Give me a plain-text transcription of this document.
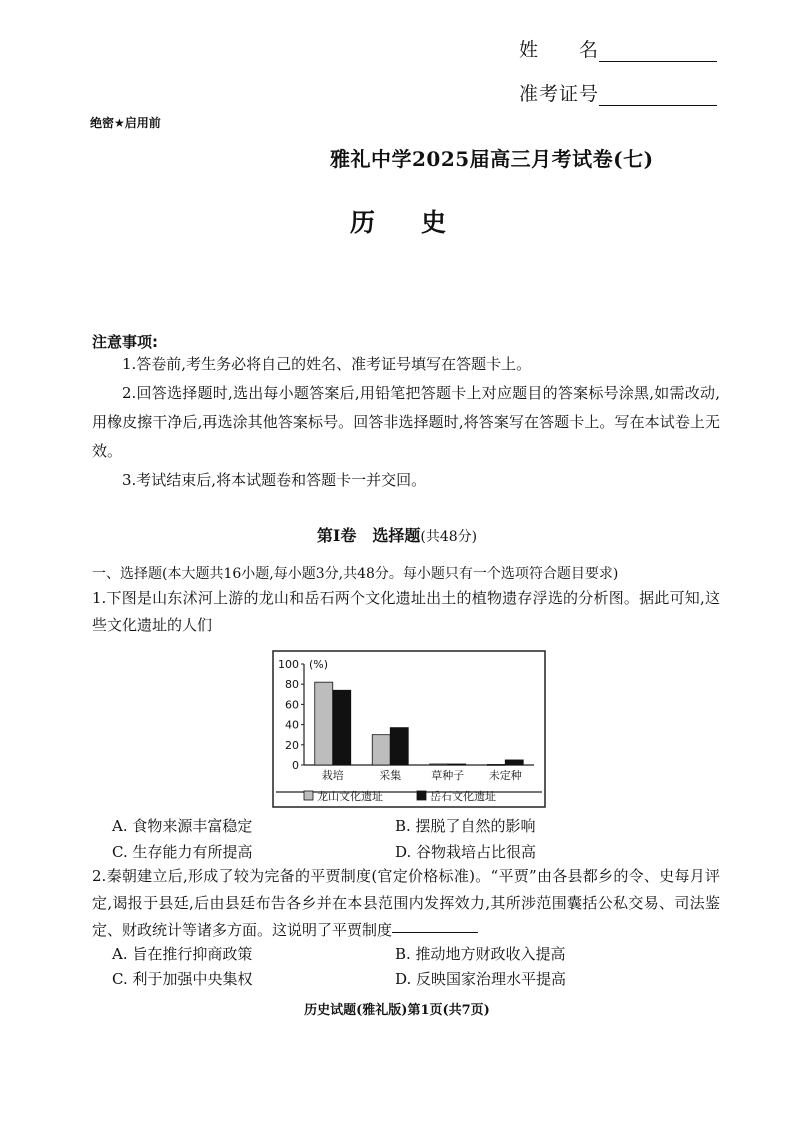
姓　　名
准考证号
绝密★启用前
雅礼中学2025届高三月考试卷(七)
历史
注意事项:
1.答卷前,考生务必将自己的姓名、准考证号填写在答题卡上。
2.回答选择题时,选出每小题答案后,用铅笔把答题卡上对应题目的答案标号涂黑,如需改动,用橡皮擦干净后,再选涂其他答案标号。回答非选择题时,将答案写在答题卡上。写在本试卷上无效。
3.考试结束后,将本试题卷和答题卡一并交回。
第Ⅰ卷　选择题(共48分)
一、选择题(本大题共16小题,每小题3分,共48分。每小题只有一个选项符合题目要求)
1.下图是山东沭河上游的龙山和岳石两个文化遗址出土的植物遗存浮选的分析图。据此可知,这些文化遗址的人们
0
20
40
60
80
100 (%)
栽培	采集	草种子 未定种
龙山文化遗址	岳石文化遗址
A. 食物来源丰富稳定	B. 摆脱了自然的影响
C. 生存能力有所提高	D. 谷物栽培占比很高
2.秦朝建立后,形成了较为完备的平贾制度(官定价格标准)。“平贾”由各县都乡的令、史每月评定,谒报于县廷,后由县廷布告各乡并在本县范围内发挥效力,其所涉范围囊括公私交易、司法鉴定、财政统计等诸多方面。这说明了平贾制度
A. 旨在推行抑商政策	B. 推动地方财政收入提高
C. 利于加强中央集权	D. 反映国家治理水平提高
历史试题(雅礼版)第1页(共7页)
